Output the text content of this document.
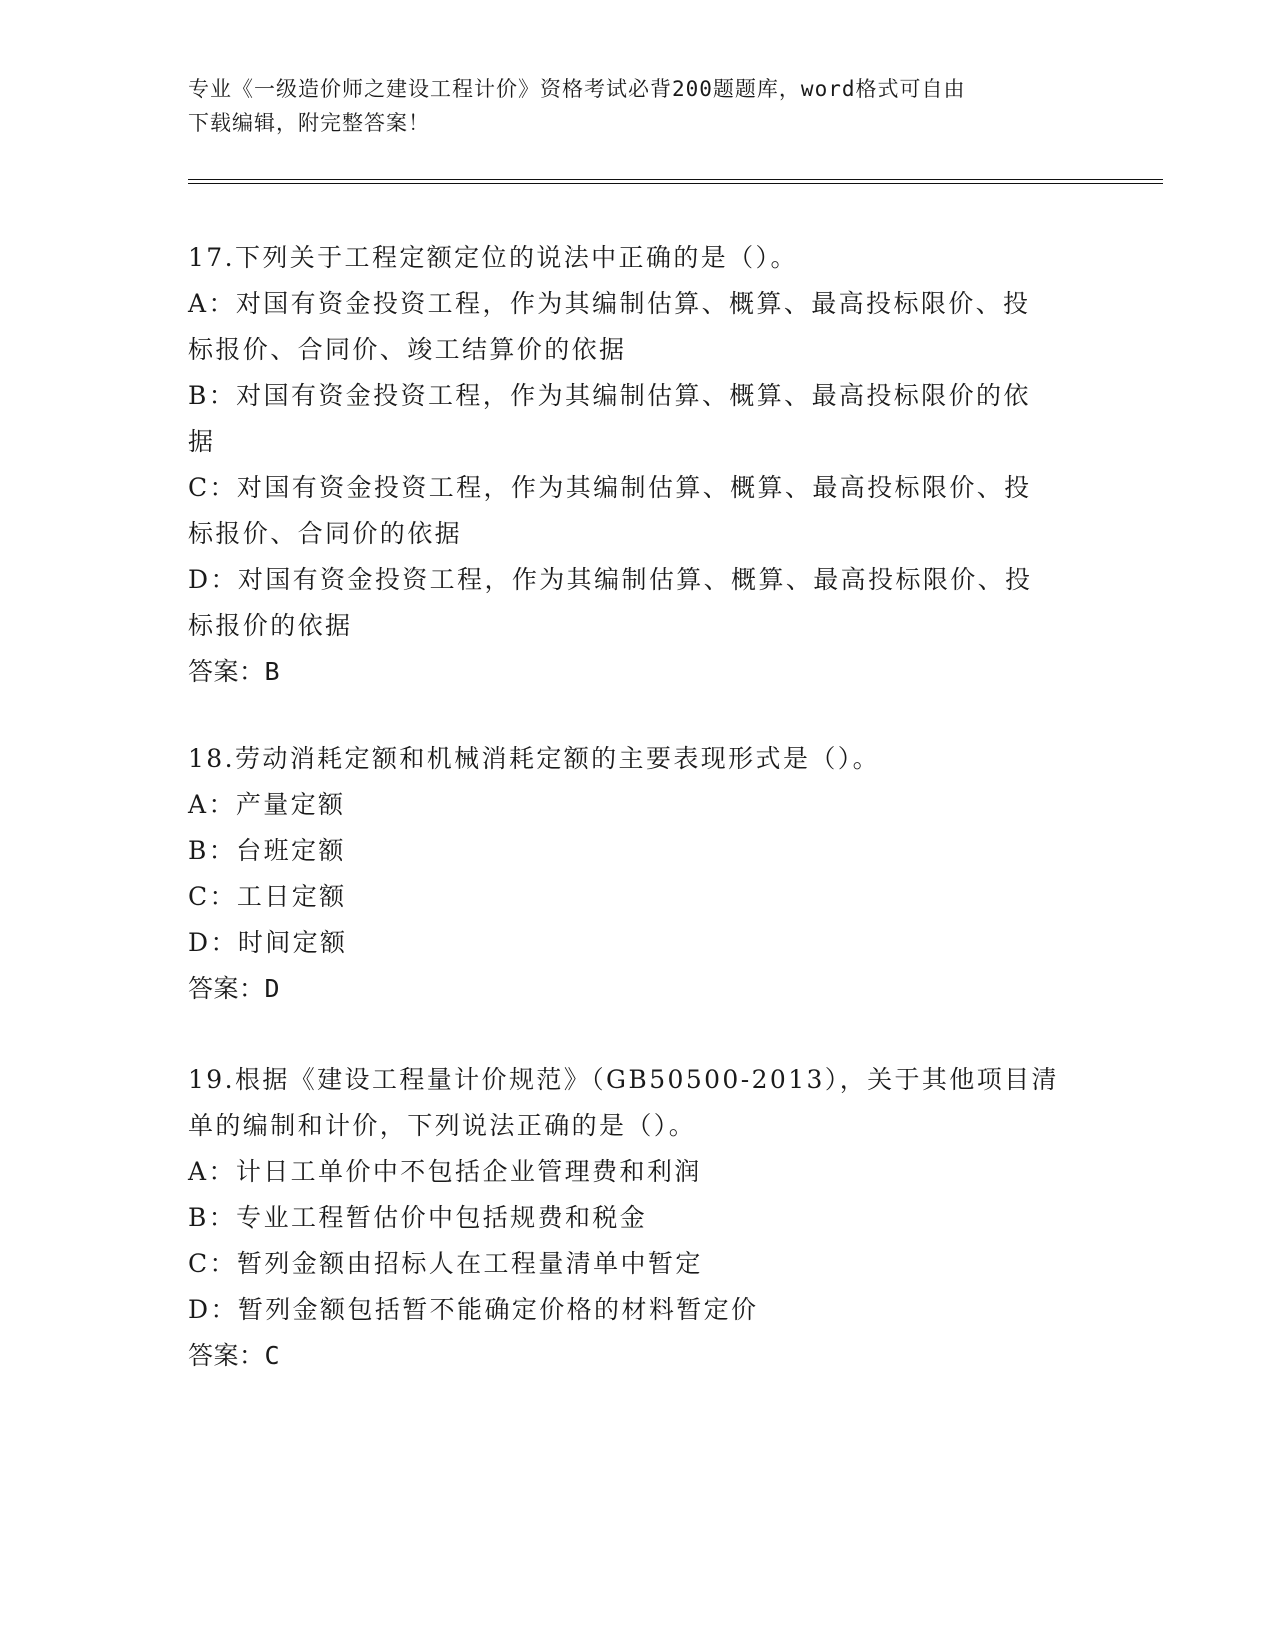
专业《一级造价师之建设工程计价》资格考试必背200题题库，word格式可自由
下载编辑，附完整答案！
17.下列关于工程定额定位的说法中正确的是（）。
A：对国有资金投资工程，作为其编制估算、概算、最高投标限价、投
标报价、合同价、竣工结算价的依据
B：对国有资金投资工程，作为其编制估算、概算、最高投标限价的依
据
C：对国有资金投资工程，作为其编制估算、概算、最高投标限价、投
标报价、合同价的依据
D：对国有资金投资工程，作为其编制估算、概算、最高投标限价、投
标报价的依据
答案：B
18.劳动消耗定额和机械消耗定额的主要表现形式是（）。
A：产量定额
B：台班定额
C：工日定额
D：时间定额
答案：D
19.根据《建设工程量计价规范》（GB50500-2013），关于其他项目清
单的编制和计价，下列说法正确的是（）。
A：计日工单价中不包括企业管理费和利润
B：专业工程暂估价中包括规费和税金
C：暂列金额由招标人在工程量清单中暂定
D：暂列金额包括暂不能确定价格的材料暂定价
答案：C
